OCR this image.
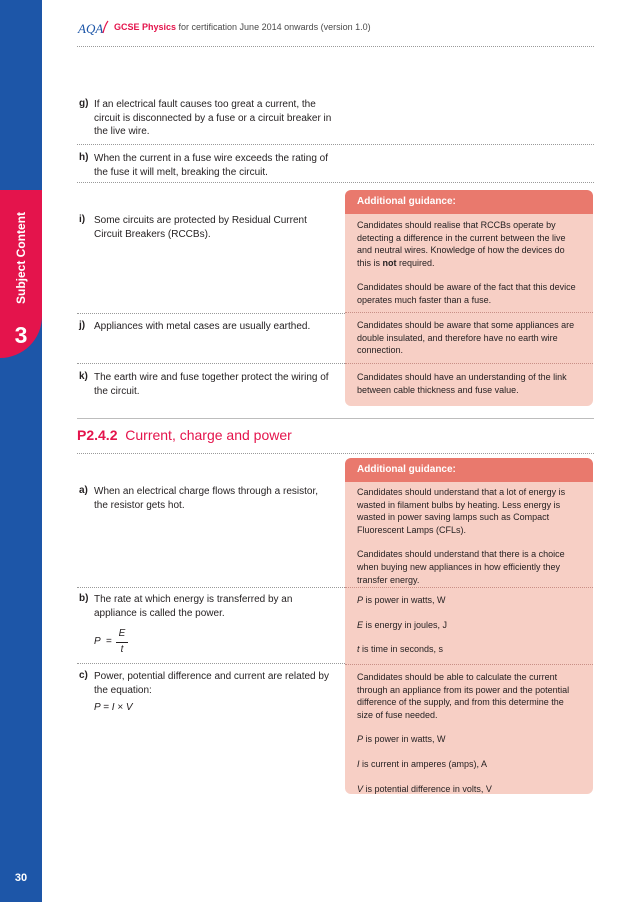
Subject Content
3
30
AQA GCSE Physics for certification June 2014 onwards (version 1.0)
g) If an electrical fault causes too great a current, the circuit is disconnected by a fuse or a circuit breaker in the live wire.
h) When the current in a fuse wire exceeds the rating of the fuse it will melt, breaking the circuit.
Additional guidance:

Candidates should realise that RCCBs operate by detecting a difference in the current between the live and neutral wires. Knowledge of how the devices do this is not required.

Candidates should be aware of the fact that this device operates much faster than a fuse.

Candidates should be aware that some appliances are double insulated, and therefore have no earth wire connection.

Candidates should have an understanding of the link between cable thickness and fuse value.

i) Some circuits are protected by Residual Current Circuit Breakers (RCCBs).
j) Appliances with metal cases are usually earthed.
k) The earth wire and fuse together protect the wiring of the circuit.
P2.4.2 Current, charge and power
Additional guidance:

Candidates should understand that a lot of energy is wasted in filament bulbs by heating. Less energy is wasted in power saving lamps such as Compact Fluorescent Lamps (CFLs).

Candidates should understand that there is a choice when buying new appliances in how efficiently they transfer energy.

P is power in watts, W

E is energy in joules, J

t is time in seconds, s

Candidates should be able to calculate the current through an appliance from its power and the potential difference of the supply, and from this determine the size of fuse needed.

P is power in watts, W

I is current in amperes (amps), A

V is potential difference in volts, V

a) When an electrical charge flows through a resistor, the resistor gets hot.
b) The rate at which energy is transferred by an appliance is called the power.
P =
E
t
c) Power, potential difference and current are related by the equation:
P = I × V
